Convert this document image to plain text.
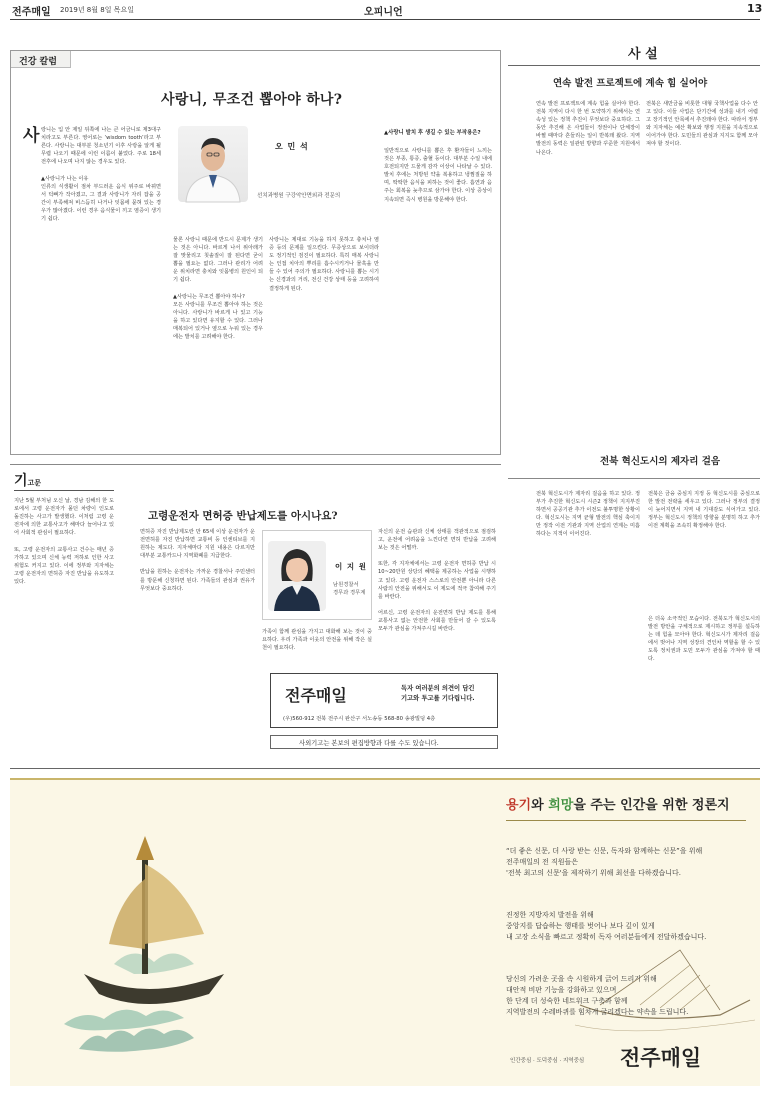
전주매일 2019년 8월 8일 목요일	오피니언	13
건강 칼럼
사랑니, 무조건 뽑아야 하나?
오 민 석
선치과병원 구강악안면외과 전문의
사 랑니는 입 안 제일 뒤쪽에 나는 큰 어금니로 제3대구치라고도 부른다. 영어로는 ‘wisdom tooth’라고 부른다. 사랑니는 대부분 청소년기 이후 사랑을 알게 될 무렵 나오기 때문에 이런 이름이 붙었다. 주로 18세 전후에 나오며 나지 않는 경우도 있다.

▲사랑니가 나는 이유
인류의 식생활이 점차 부드러운 음식 위주로 바뀌면서 턱뼈가 작아졌고, 그 결과 사랑니가 자리 잡을 공간이 부족해져 비스듬히 나거나 잇몸에 묻혀 있는 경우가 많아졌다. 이런 경우 음식물이 끼고 염증이 생기기 쉽다.
물론 사랑니 때문에 반드시 문제가 생기는 것은 아니다. 바르게 나서 위아래가 잘 맞물리고 칫솔질이 잘 된다면 굳이 뽑을 필요는 없다. 그러나 관리가 어려운 위치라면 충치와 잇몸병의 원인이 되기 쉽다.

▲사랑니는 무조건 뽑아야 하나?
모든 사랑니를 무조건 뽑아야 하는 것은 아니다. 사랑니가 바르게 나 있고 기능을 하고 있다면 유지할 수 있다. 그러나 매복되어 있거나 옆으로 누워 있는 경우에는 발치를 고려해야 한다.
사랑니는 제대로 기능을 하지 못하고 충치나 염증 등의 문제를 일으킨다. 무증상으로 보이더라도 정기적인 검진이 필요하다. 특히 매복 사랑니는 인접 치아의 뿌리를 흡수시키거나 물혹을 만들 수 있어 주의가 필요하다. 사랑니를 뽑는 시기는 신경과의 거리, 전신 건강 상태 등을 고려하여 결정하게 된다.
▲사랑니 발치 후 생길 수 있는 부작용은?
일반적으로 사랑니를 뽑은 후 환자들이 느끼는 것은 부종, 통증, 출혈 등이다. 대부분 수일 내에 호전되지만 드물게 감각 이상이 나타날 수 있다. 발치 후에는 처방된 약을 복용하고 냉찜질을 하며, 딱딱한 음식을 피하는 것이 좋다. 흡연과 음주는 회복을 늦추므로 삼가야 한다. 이상 증상이 지속되면 즉시 병원을 방문해야 한다.
사 설
연속 발전 프로젝트에 계속 힘 실어야
연속 발전 프로젝트에 계속 힘을 실어야 한다. 전북 지역이 다시 한 번 도약하기 위해서는 연속성 있는 정책 추진이 무엇보다 중요하다. 그동안 추진해 온 사업들이 정권이나 단체장이 바뀔 때마다 흔들리는 일이 반복돼 왔다. 지역 발전의 동력은 일관된 방향과 꾸준한 지원에서 나온다.
전북은 새만금을 비롯한 대형 국책사업을 다수 안고 있다. 이들 사업은 단기간에 성과를 내기 어렵고 장기적인 안목에서 추진돼야 한다. 따라서 정부와 지자체는 예산 확보와 행정 지원을 지속적으로 이어가야 한다. 도민들의 관심과 지지도 함께 모아져야 할 것이다.
전북 혁신도시의 제자리 걸음
전북 혁신도시가 제자리 걸음을 하고 있다. 정부가 추진한 혁신도시 시즌2 정책이 지지부진하면서 공공기관 추가 이전도 불투명한 상황이다. 혁신도시는 지역 균형 발전의 핵심 축이지만 정작 이전 기관과 지역 산업의 연계는 미흡하다는 지적이 이어진다.
전북은 금융 중심지 지정 등 혁신도시를 중심으로 한 발전 전략을 세우고 있다. 그러나 정부의 결정이 늦어지면서 지역 내 기대감도 식어가고 있다. 정부는 혁신도시 정책의 방향을 분명히 하고 추가 이전 계획을 조속히 확정해야 한다.
은 더욱 소극적인 모습이다. 전북도가 혁신도시의 발전 방안을 구체적으로 제시하고 정부를 설득하는 데 힘을 모아야 한다. 혁신도시가 제자리 걸음에서 벗어나 지역 성장의 견인차 역할을 할 수 있도록 정치권과 도민 모두가 관심을 가져야 할 때다.
기고문
지난 5월 부처님 오신 날, 경남 김해의 한 도로에서 고령 운전자가 몰던 차량이 인도로 돌진하는 사고가 발생했다. 이처럼 고령 운전자에 의한 교통사고가 해마다 늘어나고 있어 사회적 관심이 필요하다.

또, 고령 운전자의 교통사고 건수는 매년 증가하고 있으며 신체 능력 저하로 인한 사고 위험도 커지고 있다. 이에 정부와 지자체는 고령 운전자의 면허증 자진 반납을 유도하고 있다.
고령운전자 면허증 반납제도를 아시나요?
면허증 자진 반납제도란 만 65세 이상 운전자가 운전면허를 자진 반납하면 교통비 등 인센티브를 지원하는 제도다. 지자체마다 지원 내용은 다르지만 대부분 교통카드나 지역화폐를 지급한다.

반납을 원하는 운전자는 가까운 경찰서나 주민센터를 방문해 신청하면 된다. 가족들의 관심과 권유가 무엇보다 중요하다.
이 지 원
남원경찰서
경무과 경무계
가족이 함께 관심을 가지고 대화해 보는 것이 중요하다. 우리 가족과 이웃의 안전을 위해 작은 실천이 필요하다.
자신의 운전 습관과 신체 상태를 객관적으로 점검하고, 운전에 어려움을 느낀다면 면허 반납을 고려해 보는 것은 어떨까.

또한, 각 지자체에서는 고령 운전자 면허증 반납 시 10~20만원 상당의 혜택을 제공하는 사업을 시행하고 있다. 고령 운전자 스스로의 안전뿐 아니라 다른 사람의 안전을 위해서도 이 제도에 적극 참여해 주기를 바란다.

어르신, 고령 운전자의 운전면허 반납 제도를 통해 교통사고 없는 안전한 사회를 만들어 갈 수 있도록 모두가 관심을 가져주시길 바란다.
전주매일	독자 여러분의 의견이 담긴
기고와 투고를 기다립니다.
(우)560-912 전북 전주시 완산구 서노송동 568-80 송광빌딩 4층
사외기고는 본보의 편집방향과 다를 수도 있습니다.
용기와 희망을 주는 인간을 위한 정론지
“더 좋은 신문, 더 사랑 받는 신문, 독자와 함께하는 신문”을 위해
전주매일의 전 직원들은
'전북 최고의 신문'을 제작하기 위해 최선을 다하겠습니다.
진정한 지방자치 발전을 위해
중앙지를 답습하는 행태를 벗어나 보다 깊이 있게
내 고장 소식을 빠르고 정확히 독자 여러분들에게 전달하겠습니다.
당신의 가려운 곳을 속 시원하게 긁어 드리기 위해
대안적 비판 기능을 강화하고 있으며
한 단계 더 성숙한 네트워크 구축과 함께
지역발전의 수레바퀴를 힘차게 굴리겠다는 약속을 드립니다.
인간중심 · 도덕중심 · 지역중심 전주매일
